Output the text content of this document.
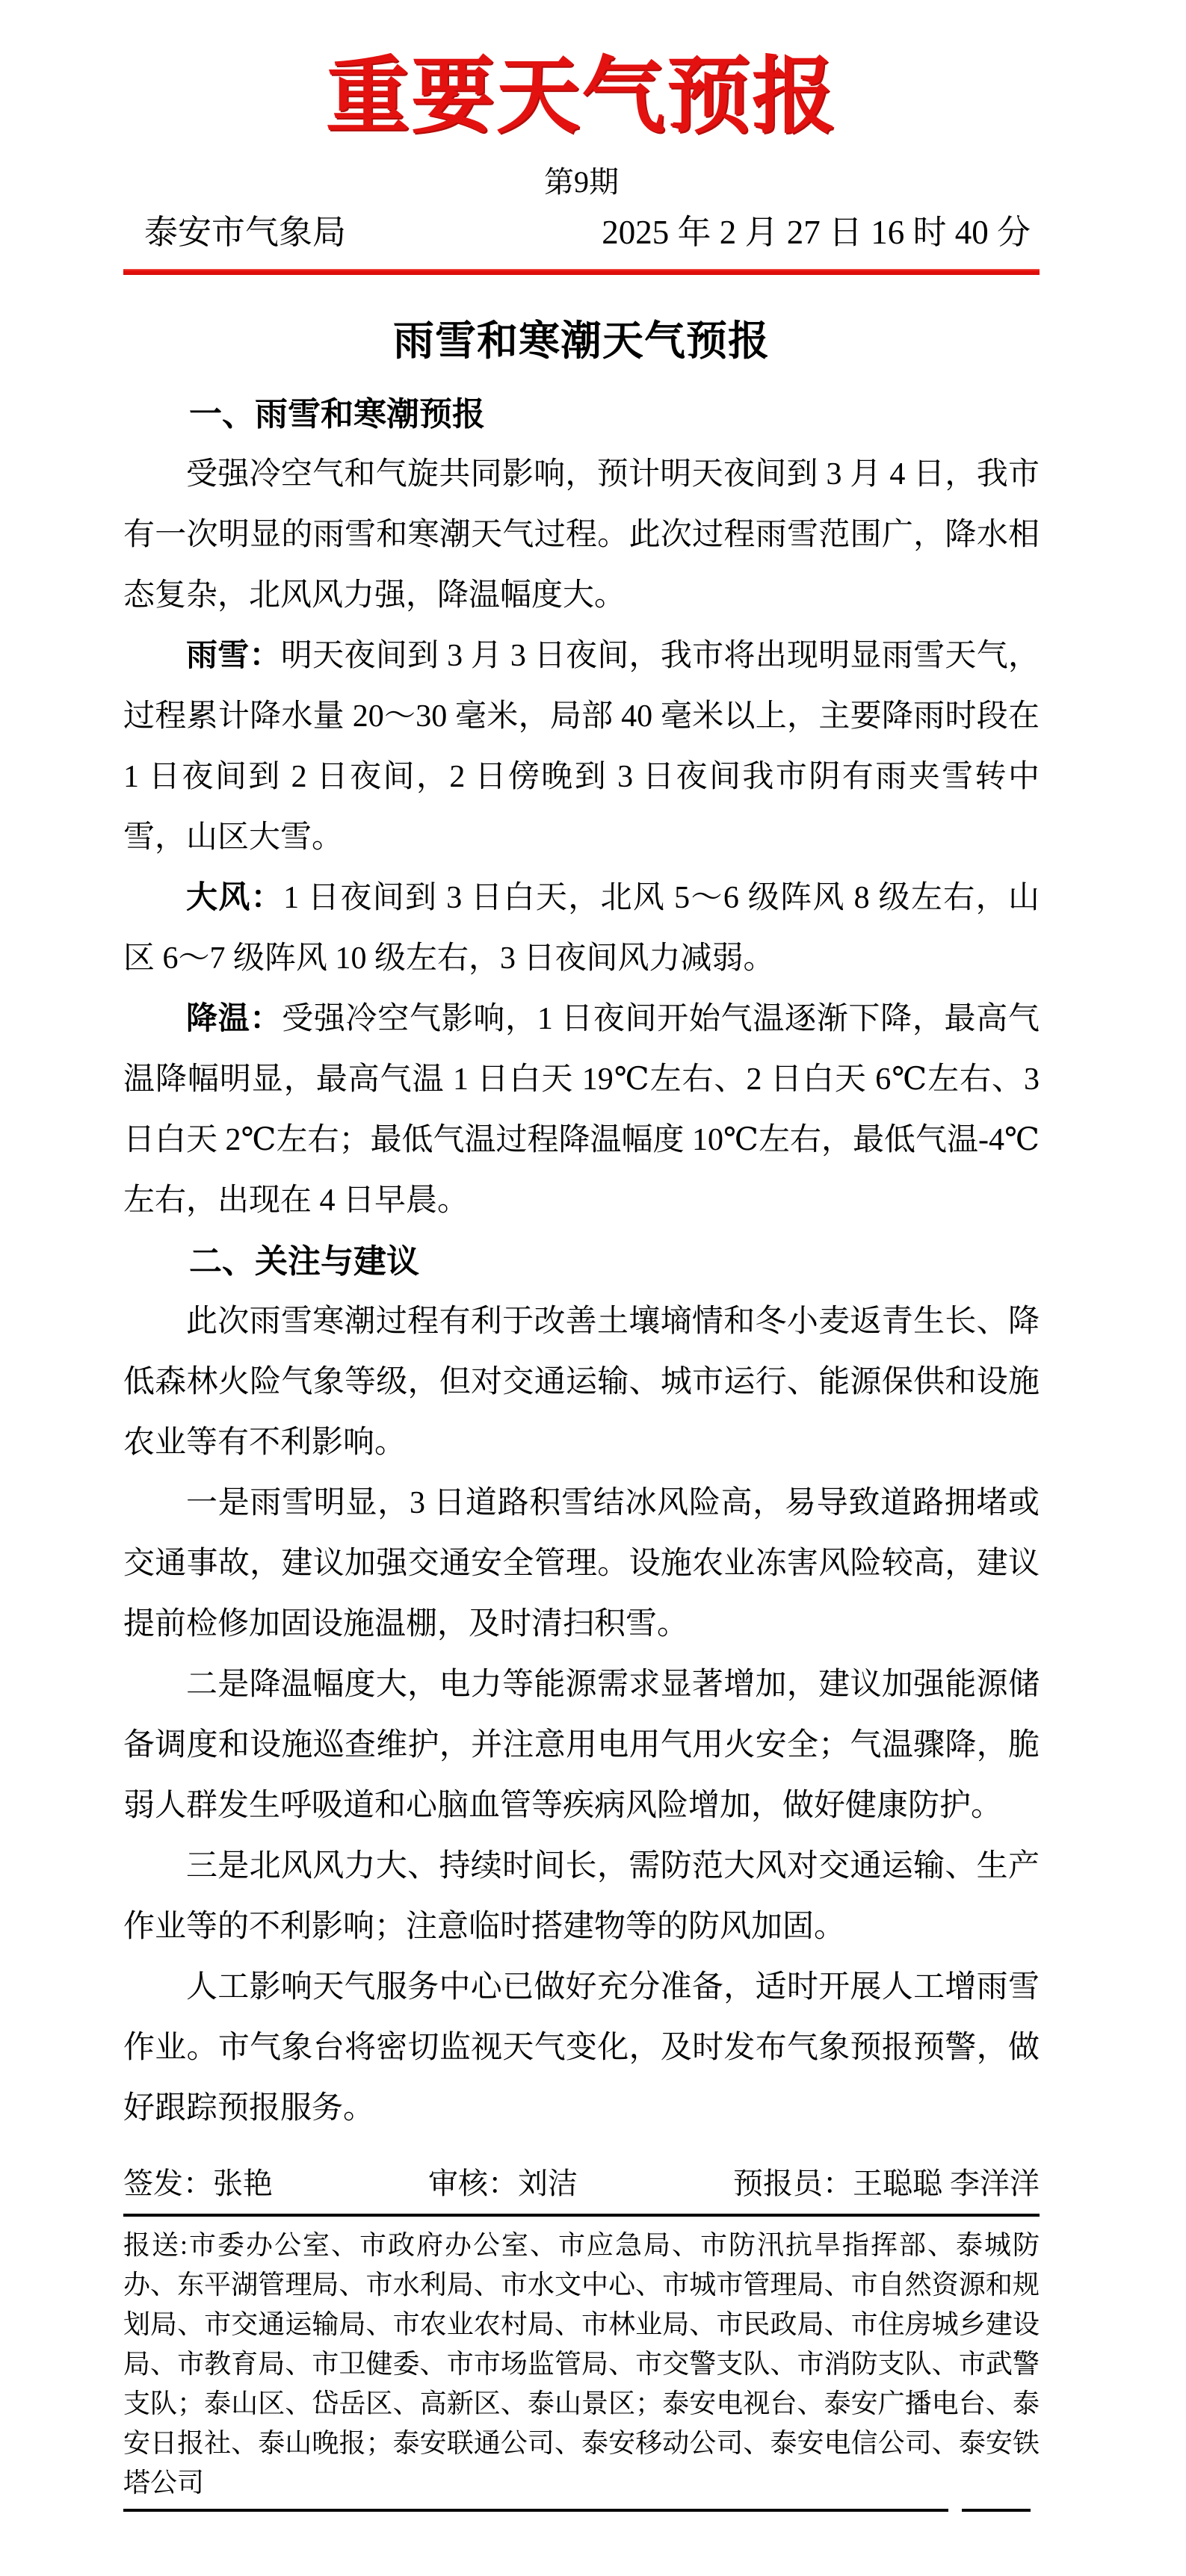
重要天气预报
第9期
泰安市气象局	2025 年 2 月 27 日 16 时 40 分
雨雪和寒潮天气预报
一、雨雪和寒潮预报

受强冷空气和气旋共同影响，预计明天夜间到 3 月 4 日，我市有一次明显的雨雪和寒潮天气过程。此次过程雨雪范围广，降水相态复杂，北风风力强，降温幅度大。

雨雪：明天夜间到 3 月 3 日夜间，我市将出现明显雨雪天气，过程累计降水量 20～30 毫米，局部 40 毫米以上，主要降雨时段在 1 日夜间到 2 日夜间，2 日傍晚到 3 日夜间我市阴有雨夹雪转中雪，山区大雪。

大风：1 日夜间到 3 日白天，北风 5～6 级阵风 8 级左右，山区 6～7 级阵风 10 级左右，3 日夜间风力减弱。

降温：受强冷空气影响，1 日夜间开始气温逐渐下降，最高气温降幅明显，最高气温 1 日白天 19℃左右、2 日白天 6℃左右、3 日白天 2℃左右；最低气温过程降温幅度 10℃左右，最低气温-4℃左右，出现在 4 日早晨。

二、关注与建议

此次雨雪寒潮过程有利于改善土壤墒情和冬小麦返青生长、降低森林火险气象等级，但对交通运输、城市运行、能源保供和设施农业等有不利影响。

一是雨雪明显，3 日道路积雪结冰风险高，易导致道路拥堵或交通事故，建议加强交通安全管理。设施农业冻害风险较高，建议提前检修加固设施温棚，及时清扫积雪。

二是降温幅度大，电力等能源需求显著增加，建议加强能源储备调度和设施巡查维护，并注意用电用气用火安全；气温骤降，脆弱人群发生呼吸道和心脑血管等疾病风险增加，做好健康防护。

三是北风风力大、持续时间长，需防范大风对交通运输、生产作业等的不利影响；注意临时搭建物等的防风加固。

人工影响天气服务中心已做好充分准备，适时开展人工增雨雪作业。市气象台将密切监视天气变化，及时发布气象预报预警，做好跟踪预报服务。

签发：张艳	审核：刘洁	预报员：王聪聪 李洋洋
报送:市委办公室、市政府办公室、市应急局、市防汛抗旱指挥部、泰城防办、东平湖管理局、市水利局、市水文中心、市城市管理局、市自然资源和规划局、市交通运输局、市农业农村局、市林业局、市民政局、市住房城乡建设局、市教育局、市卫健委、市市场监管局、市交警支队、市消防支队、市武警支队；泰山区、岱岳区、高新区、泰山景区；泰安电视台、泰安广播电台、泰安日报社、泰山晚报；泰安联通公司、泰安移动公司、泰安电信公司、泰安铁塔公司
